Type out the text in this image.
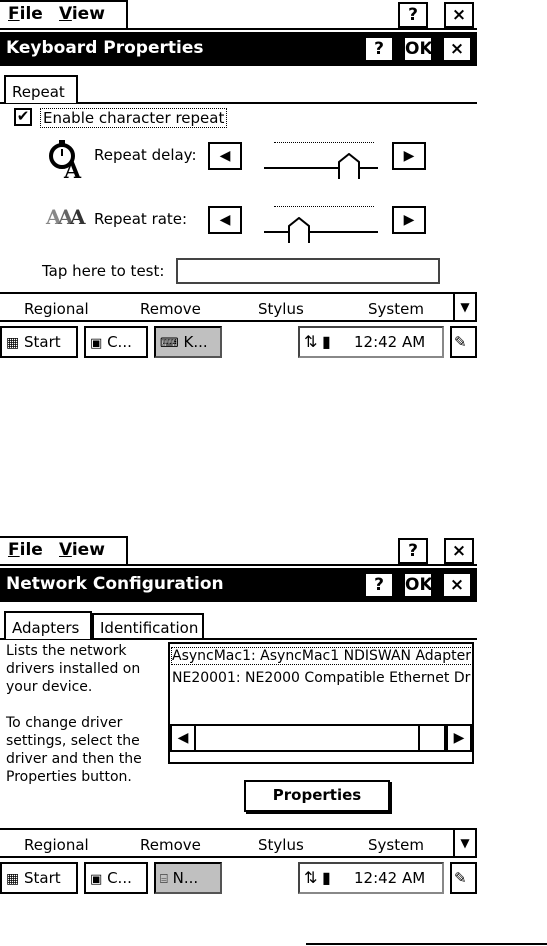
File View	?	×
Keyboard Properties	?	OK	×
Repeat
✔ Enable character repeat
A
Repeat delay:	◀	▶
A
A
A Repeat rate:	◀	▶
Tap here to test:
Regional	Remove	Stylus	System	▼
▦ Start	▣ C...	⌨ K...	⇅ ▮ 12:42 AM ✎
File View	?	×
Network Configuration	?	OK	×
Adapters	Identification
Lists the network
drivers installed on
your device.
To change driver
settings, select the
driver and then the
Properties button.
AsyncMac1: AsyncMac1 NDISWAN Adapter
NE20001: NE2000 Compatible Ethernet Dr
◀	▶
Properties
Regional	Remove	Stylus	System	▼
▦ Start	▣ C...	⌸ N...	⇅ ▮ 12:42 AM ✎
